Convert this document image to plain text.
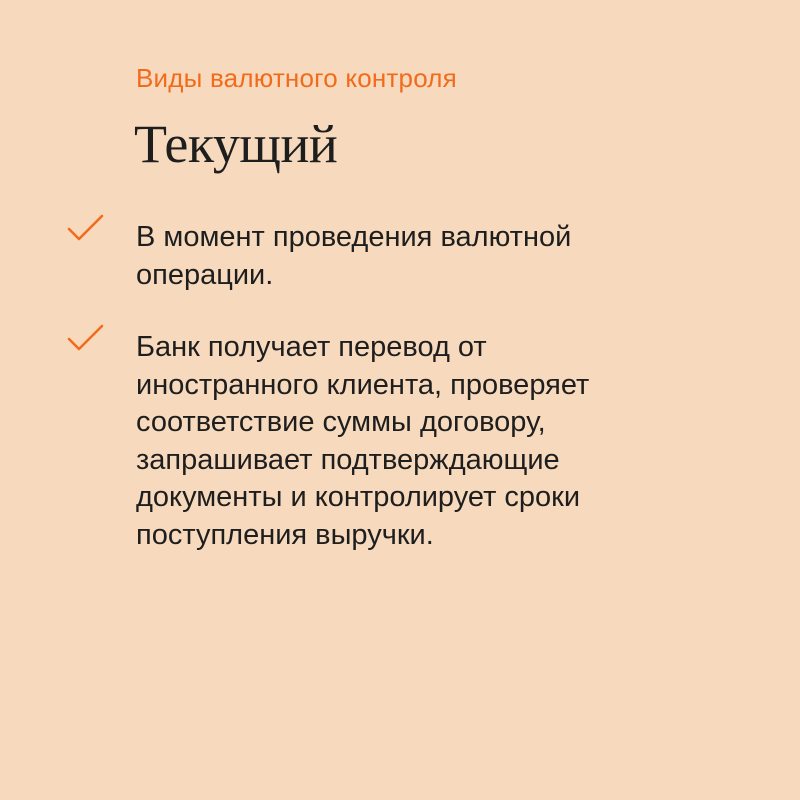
Виды валютного контроля
Текущий

В момент проведения валютной
операции.

Банк получает перевод от
иностранного клиента, проверяет
соответствие суммы договору,
запрашивает подтверждающие
документы и контролирует сроки
поступления выручки.
